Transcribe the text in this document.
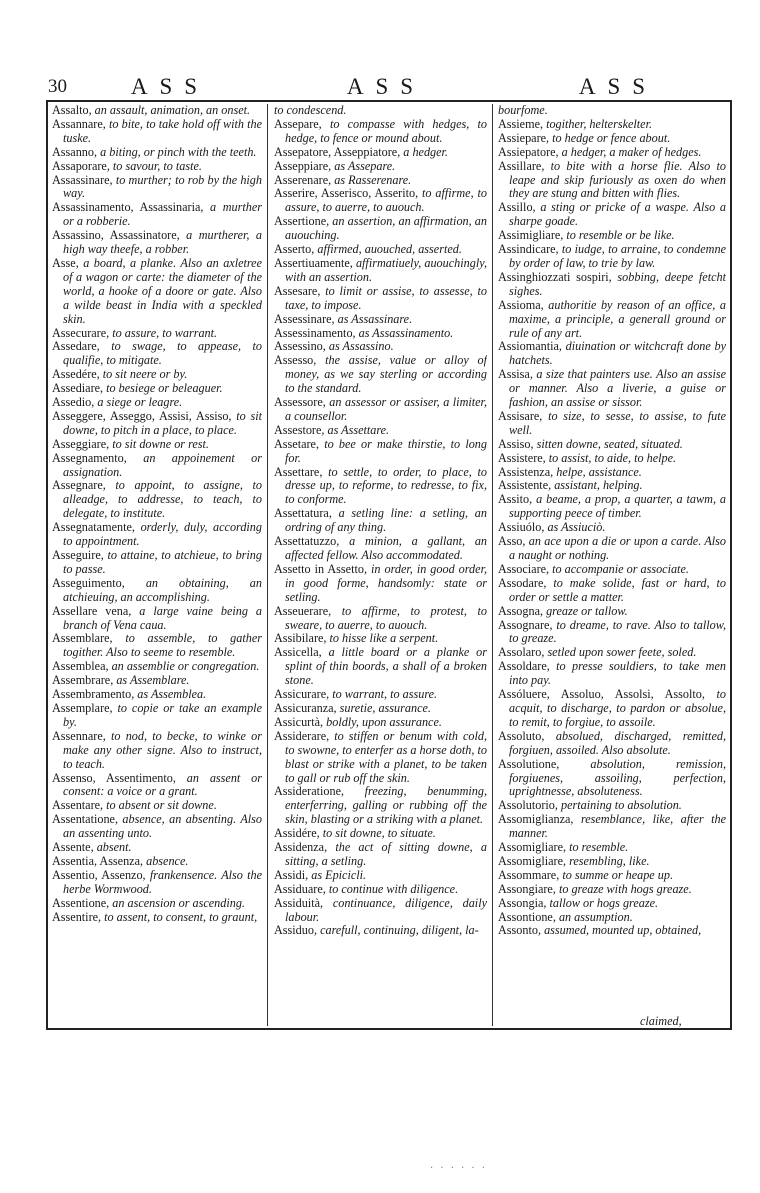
30	ASS	ASS	ASS

Assalto, an assault, animation, an onset.

Assannare, to bite, to take hold off with the tuske.

Assanno, a biting, or pinch with the teeth.

Assaporare, to savour, to taste.

Assassinare, to murther; to rob by the high way.

Assassinamento, Assassinaria, a murther or a robberie.

Assassino, Assassinatore, a murtherer, a high way theefe, a robber.

Asse, a board, a planke. Also an axletree of a wagon or carte: the diameter of the world, a hooke of a doore or gate. Also a wilde beast in India with a speckled skin.

Assecurare, to assure, to warrant.

Assedare, to swage, to appease, to qualifie, to mitigate.

Assedére, to sit neere or by.

Assediare, to besiege or beleaguer.

Assedio, a siege or leagre.

Asseggere, Asseggo, Assisi, Assiso, to sit downe, to pitch in a place, to place.

Asseggiare, to sit downe or rest.

Assegnamento, an appoinement or assignation.

Assegnare, to appoint, to assigne, to alleadge, to addresse, to teach, to delegate, to institute.

Assegnatamente, orderly, duly, according to appointment.

Asseguire, to attaine, to atchieue, to bring to passe.

Asseguimento, an obtaining, an atchieuing, an accomplishing.

Assellare vena, a large vaine being a branch of Vena caua.

Assemblare, to assemble, to gather togither. Also to seeme to resemble.

Assemblea, an assemblie or congregation.

Assembrare, as Assemblare.

Assembramento, as Assemblea.

Assemplare, to copie or take an example by.

Assennare, to nod, to becke, to winke or make any other signe. Also to instruct, to teach.

Assenso, Assentimento, an assent or consent: a voice or a grant.

Assentare, to absent or sit downe.

Assentatione, absence, an absenting. Also an assenting unto.

Assente, absent.

Assentia, Assenza, absence.

Assentio, Assenzo, frankensence. Also the herbe Wormwood.

Assentione, an ascension or ascending.

Assentire, to assent, to consent, to graunt,

to condescend.

Assepare, to compasse with hedges, to hedge, to fence or mound about.

Assepatore, Asseppiatore, a hedger.

Asseppiare, as Assepare.

Asserenare, as Rasserenare.

Asserire, Asserisco, Asserito, to affirme, to assure, to auerre, to auouch.

Assertione, an assertion, an affirmation, an auouching.

Asserto, affirmed, auouched, asserted.

Assertiuamente, affirmatiuely, auouchingly, with an assertion.

Assesare, to limit or assise, to assesse, to taxe, to impose.

Assessinare, as Assassinare.

Assessinamento, as Assassinamento.

Assessino, as Assassino.

Assesso, the assise, value or alloy of money, as we say sterling or according to the standard.

Assessore, an assessor or assiser, a limiter, a counsellor.

Assestore, as Assettare.

Assetare, to bee or make thirstie, to long for.

Assettare, to settle, to order, to place, to dresse up, to reforme, to redresse, to fix, to conforme.

Assettatura, a setling line: a setling, an ordring of any thing.

Assettatuzzo, a minion, a gallant, an affected fellow. Also accommodated.

Assetto in Assetto, in order, in good order, in good forme, handsomly: state or setling.

Asseuerare, to affirme, to protest, to sweare, to auerre, to auouch.

Assibilare, to hisse like a serpent.

Assicella, a little board or a planke or splint of thin boords, a shall of a broken stone.

Assicurare, to warrant, to assure.

Assicuranza, suretie, assurance.

Assicurtà, boldly, upon assurance.

Assiderare, to stiffen or benum with cold, to swowne, to enterfer as a horse doth, to blast or strike with a planet, to be taken to gall or rub off the skin.

Assideratione, freezing, benumming, enterferring, galling or rubbing off the skin, blasting or a striking with a planet.

Assidére, to sit downe, to situate.

Assidenza, the act of sitting downe, a sitting, a setling.

Assidi, as Epicicli.

Assiduare, to continue with diligence.

Assiduità, continuance, diligence, daily labour.

Assiduo, carefull, continuing, diligent, la-

bourfome.

Assieme, togither, helterskelter.

Assiepare, to hedge or fence about.

Assiepatore, a hedger, a maker of hedges.

Assillare, to bite with a horse flie. Also to leape and skip furiously as oxen do when they are stung and bitten with flies.

Assillo, a sting or pricke of a waspe. Also a sharpe goade.

Assimigliare, to resemble or be like.

Assindicare, to iudge, to arraine, to condemne by order of law, to trie by law.

Assinghiozzati sospiri, sobbing, deepe fetcht sighes.

Assioma, authoritie by reason of an office, a maxime, a principle, a generall ground or rule of any art.

Assiomantia, diuination or witchcraft done by hatchets.

Assisa, a size that painters use. Also an assise or manner. Also a liverie, a guise or fashion, an assise or sissor.

Assisare, to size, to sesse, to assise, to fute well.

Assiso, sitten downe, seated, situated.

Assistere, to assist, to aide, to helpe.

Assistenza, helpe, assistance.

Assistente, assistant, helping.

Assito, a beame, a prop, a quarter, a tawm, a supporting peece of timber.

Assiuólo, as Assiuciò.

Asso, an ace upon a die or upon a carde. Also a naught or nothing.

Associare, to accompanie or associate.

Assodare, to make solide, fast or hard, to order or settle a matter.

Assogna, greaze or tallow.

Assognare, to dreame, to rave. Also to tallow, to greaze.

Assolaro, setled upon sower feete, soled.

Assoldare, to presse souldiers, to take men into pay.

Assóluere, Assoluo, Assolsi, Assolto, to acquit, to discharge, to pardon or absolue, to remit, to forgiue, to assoile.

Assoluto, absolued, discharged, remitted, forgiuen, assoiled. Also absolute.

Assolutione, absolution, remission, forgiuenes, assoiling, perfection, uprightnesse, absoluteness.

Assolutorio, pertaining to absolution.

Assomiglianza, resemblance, like, after the manner.

Assomigliare, to resemble.

Assomigliare, resembling, like.

Assommare, to summe or heape up.

Assongiare, to greaze with hogs greaze.

Assongia, tallow or hogs greaze.

Assontione, an assumption.

Assonto, assumed, mounted up, obtained,

claimed,
. . . . . .
